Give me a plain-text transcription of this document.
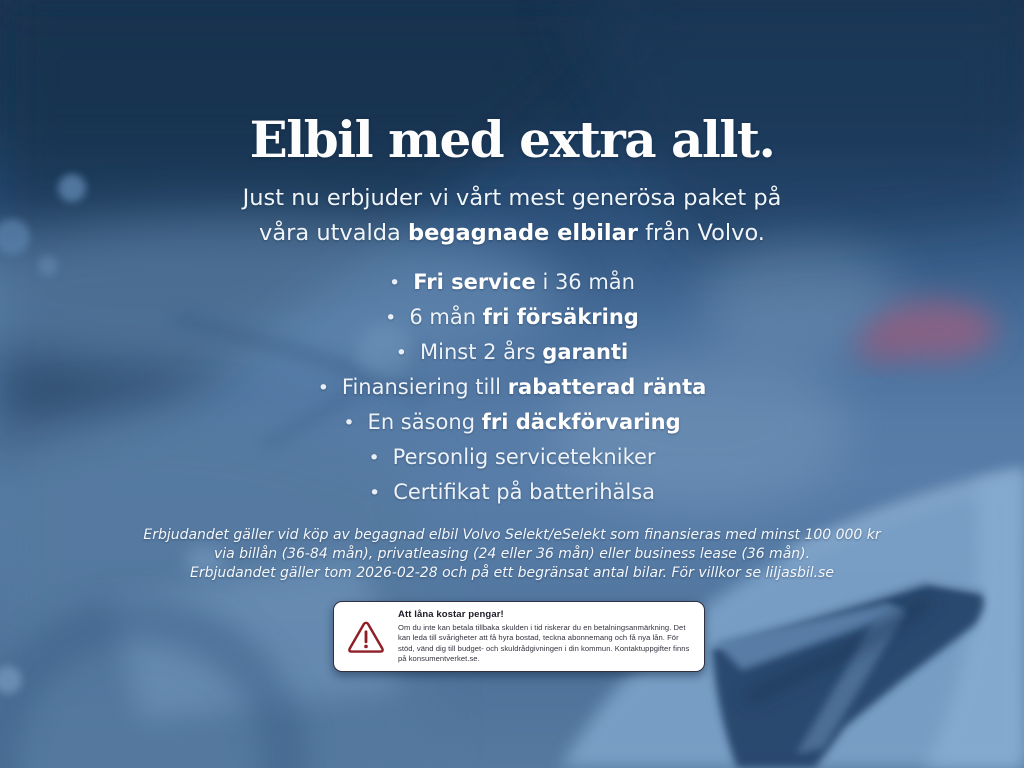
Elbil med extra allt.

Just nu erbjuder vi vårt mest generösa paket på
våra utvalda begagnade elbilar från Volvo.

• Fri service i 36 mån
• 6 mån fri försäkring
• Minst 2 års garanti
• Finansiering till rabatterad ränta
• En säsong fri däckförvaring
• Personlig servicetekniker
• Certifikat på batterihälsa

Erbjudandet gäller vid köp av begagnad elbil Volvo Selekt/eSelekt som finansieras med minst 100 000 kr
via billån (36-84 mån), privatleasing (24 eller 36 mån) eller business lease (36 mån).
Erbjudandet gäller tom 2026-02-28 och på ett begränsat antal bilar. För villkor se liljasbil.se

Att låna kostar pengar!
Om du inte kan betala tillbaka skulden i tid riskerar du en betalningsanmärkning. Det kan leda till svårigheter att få hyra bostad, teckna abonnemang och få nya lån. För stöd, vänd dig till budget- och skuldrådgivningen i din kommun. Kontaktuppgifter finns på konsumentverket.se.
